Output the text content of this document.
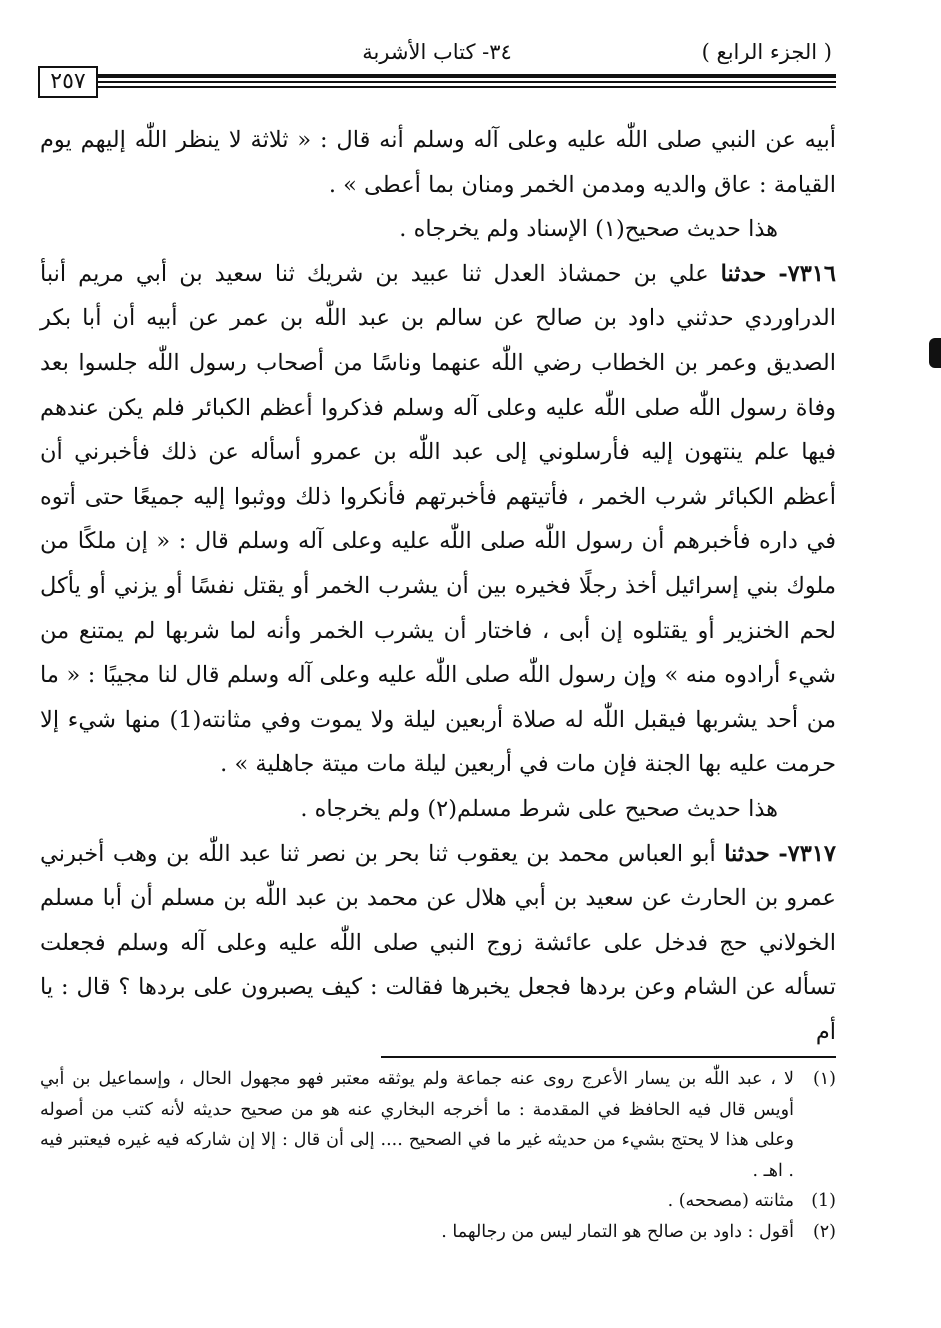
( الجزء الرابع )
٣٤- كتاب الأشربة
٢٥٧

أبيه عن النبي صلى اللّٰه عليه وعلى آله وسلم أنه قال : « ثلاثة لا ينظر اللّٰه إليهم يوم القيامة : عاق والديه ومدمن الخمر ومنان بما أعطى » .

هذا حديث صحيح(١) الإسناد ولم يخرجاه .

٧٣١٦- حدثنا علي بن حمشاذ العدل ثنا عبيد بن شريك ثنا سعيد بن أبي مريم أنبأ الدراوردي حدثني داود بن صالح عن سالم بن عبد اللّٰه بن عمر عن أبيه أن أبا بكر الصديق وعمر بن الخطاب رضي اللّٰه عنهما وناسًا من أصحاب رسول اللّٰه جلسوا بعد وفاة رسول اللّٰه صلى اللّٰه عليه وعلى آله وسلم فذكروا أعظم الكبائر فلم يكن عندهم فيها علم ينتهون إليه فأرسلوني إلى عبد اللّٰه بن عمرو أسأله عن ذلك فأخبرني أن أعظم الكبائر شرب الخمر ، فأتيتهم فأخبرتهم فأنكروا ذلك ووثبوا إليه جميعًا حتى أتوه في داره فأخبرهم أن رسول اللّٰه صلى اللّٰه عليه وعلى آله وسلم قال : « إن ملكًا من ملوك بني إسرائيل أخذ رجلًا فخيره بين أن يشرب الخمر أو يقتل نفسًا أو يزني أو يأكل لحم الخنزير أو يقتلوه إن أبى ، فاختار أن يشرب الخمر وأنه لما شربها لم يمتنع من شيء أرادوه منه » وإن رسول اللّٰه صلى اللّٰه عليه وعلى آله وسلم قال لنا مجيبًا : « ما من أحد يشربها فيقبل اللّٰه له صلاة أربعين ليلة ولا يموت وفي مثانته(1) منها شيء إلا حرمت عليه بها الجنة فإن مات في أربعين ليلة مات ميتة جاهلية » .

هذا حديث صحيح على شرط مسلم(٢) ولم يخرجاه .

٧٣١٧- حدثنا أبو العباس محمد بن يعقوب ثنا بحر بن نصر ثنا عبد اللّٰه بن وهب أخبرني عمرو بن الحارث عن سعيد بن أبي هلال عن محمد بن عبد اللّٰه بن مسلم أن أبا مسلم الخولاني حج فدخل على عائشة زوج النبي صلى اللّٰه عليه وعلى آله وسلم فجعلت تسأله عن الشام وعن بردها فجعل يخبرها فقالت : كيف يصبرون على بردها ؟ قال : يا أم

(١)
لا ، عبد اللّٰه بن يسار الأعرج روى عنه جماعة ولم يوثقه معتبر فهو مجهول الحال ، وإسماعيل بن أبي أويس قال فيه الحافظ في المقدمة : ما أخرجه البخاري عنه هو من صحيح حديثه لأنه كتب من أصوله وعلى هذا لا يحتج بشيء من حديثه غير ما في الصحيح .... إلى أن قال : إلا إن شاركه فيه غيره فيعتبر فيه . اهـ .
(1)
مثانته (مصححه) .
(٢)
أقول : داود بن صالح هو التمار ليس من رجالهما .
